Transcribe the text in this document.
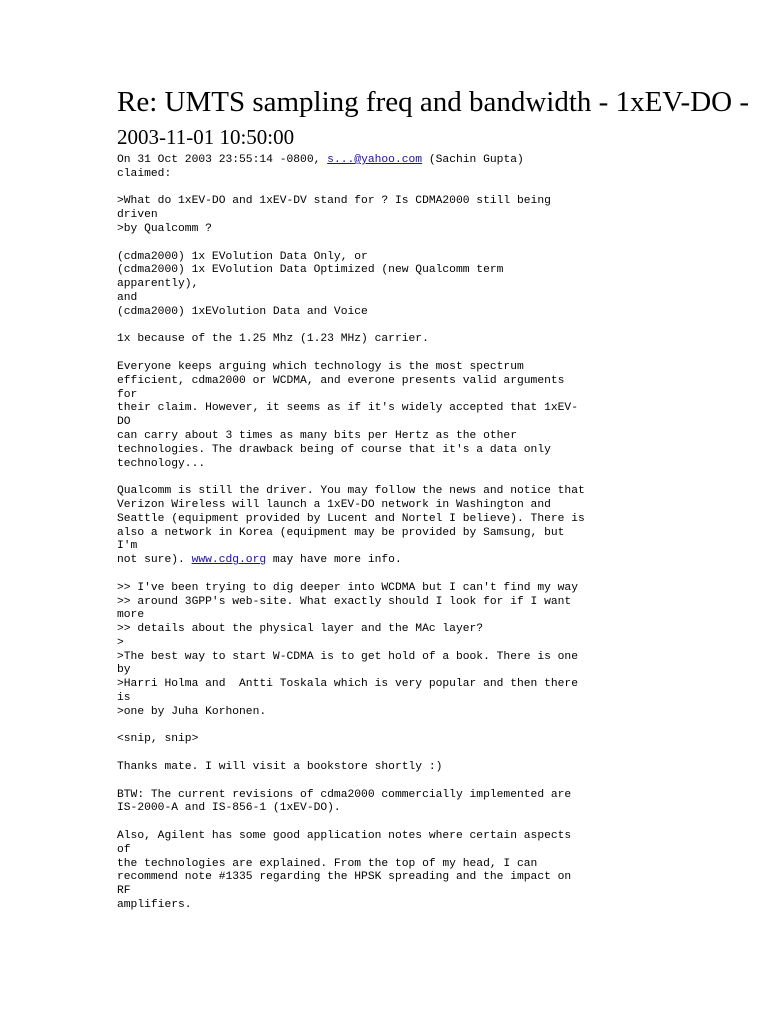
Re: UMTS sampling freq and bandwidth - 1xEV-DO - 2003-11-01 10:50:00
On 31 Oct 2003 23:55:14 -0800, s...@yahoo.com (Sachin Gupta)
claimed:

>What do 1xEV-DO and 1xEV-DV stand for ? Is CDMA2000 still being
driven
>by Qualcomm ?

(cdma2000) 1x EVolution Data Only, or
(cdma2000) 1x EVolution Data Optimized (new Qualcomm term
apparently),
and
(cdma2000) 1xEVolution Data and Voice

1x because of the 1.25 Mhz (1.23 MHz) carrier.

Everyone keeps arguing which technology is the most spectrum
efficient, cdma2000 or WCDMA, and everone presents valid arguments
for
their claim. However, it seems as if it's widely accepted that 1xEV-
DO
can carry about 3 times as many bits per Hertz as the other
technologies. The drawback being of course that it's a data only
technology...

Qualcomm is still the driver. You may follow the news and notice that
Verizon Wireless will launch a 1xEV-DO network in Washington and
Seattle (equipment provided by Lucent and Nortel I believe). There is
also a network in Korea (equipment may be provided by Samsung, but
I'm
not sure). www.cdg.org may have more info.

>> I've been trying to dig deeper into WCDMA but I can't find my way
>> around 3GPP's web-site. What exactly should I look for if I want
more
>> details about the physical layer and the MAc layer?
>
>The best way to start W-CDMA is to get hold of a book. There is one
by
>Harri Holma and  Antti Toskala which is very popular and then there
is
>one by Juha Korhonen.

<snip, snip>

Thanks mate. I will visit a bookstore shortly :)

BTW: The current revisions of cdma2000 commercially implemented are
IS-2000-A and IS-856-1 (1xEV-DO).

Also, Agilent has some good application notes where certain aspects
of
the technologies are explained. From the top of my head, I can
recommend note #1335 regarding the HPSK spreading and the impact on
RF
amplifiers.
